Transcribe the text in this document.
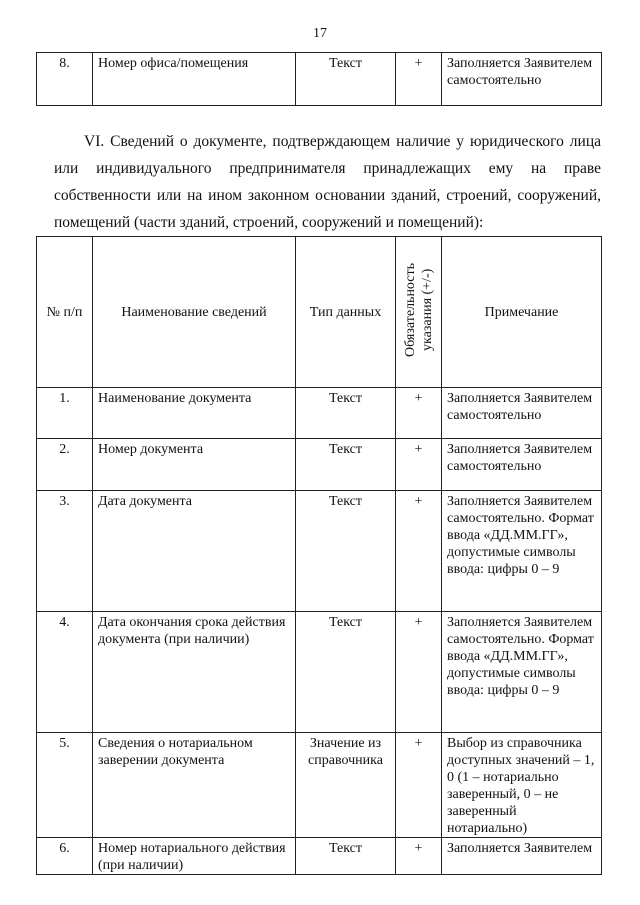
17
8.	Номер офиса/помещения	Текст	+	Заполняется Заявителем самостоятельно
VI. Сведений о документе, подтверждающем наличие у юридического лица или индивидуального предпринимателя принадлежащих ему на праве собственности или на ином законном основании зданий, строений, сооружений, помещений (части зданий, строений, сооружений и помещений):
№ п/п	Наименование сведений	Тип данных	Обязательность указания (+/-)	Примечание
1.	Наименование документа	Текст	+	Заполняется Заявителем самостоятельно
2.	Номер документа	Текст	+	Заполняется Заявителем самостоятельно
3.	Дата документа	Текст	+	Заполняется Заявителем самостоятельно. Формат ввода «ДД.ММ.ГГ», допустимые символы ввода: цифры 0 – 9
4.	Дата окончания срока действия документа (при наличии)	Текст	+	Заполняется Заявителем самостоятельно. Формат ввода «ДД.ММ.ГГ», допустимые символы ввода: цифры 0 – 9
5.	Сведения о нотариальном заверении документа	Значение из справочника	+	Выбор из справочника доступных значений – 1, 0 (1 – нотариально заверенный, 0 – не заверенный нотариально)
6.	Номер нотариального действия (при наличии)	Текст	+	Заполняется Заявителем
